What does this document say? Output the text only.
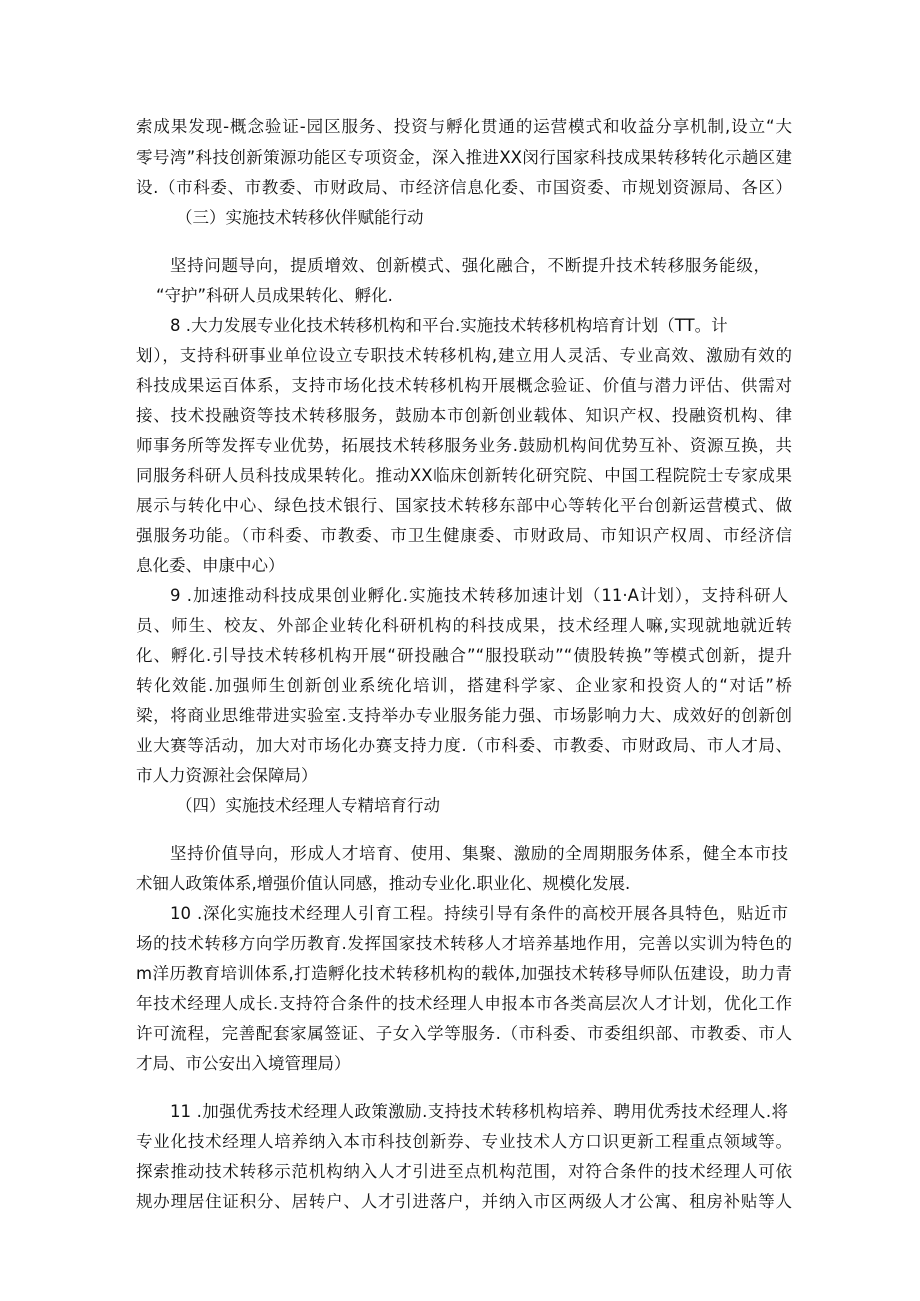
索成果发现-概念验证-园区服务、投资与孵化贯通的运营模式和收益分享机制,设立“大
零号湾”科技创新策源功能区专项资金，深入推进XX闵行国家科技成果转移转化示趟区建
设.（市科委、市教委、市财政局、市经济信息化委、市国资委、市规划资源局、各区）
（三）实施技术转移伙伴赋能行动
坚持问题导向，提质增效、创新模式、强化融合，不断提升技术转移服务能级，
“守护”科研人员成果转化、孵化.
8 .大力发展专业化技术转移机构和平台.实施技术转移机构培育计划（TT。计
划），支持科研事业单位设立专职技术转移机构,建立用人灵活、专业高效、激励有效的
科技成果运百体系，支持市场化技术转移机构开展概念验证、价值与潜力评估、供需对
接、技术投融资等技术转移服务，鼓励本市创新创业载体、知识产权、投融资机构、律
师事务所等发挥专业优势，拓展技术转移服务业务.鼓励机构间优势互补、资源互换，共
同服务科研人员科技成果转化。推动XX临床创新转化研究院、中国工程院院士专家成果
展示与转化中心、绿色技术银行、国家技术转移东部中心等转化平台创新运营模式、做
强服务功能。（市科委、市教委、市卫生健康委、市财政局、市知识产权周、市经济信
息化委、申康中心）
9 .加速推动科技成果创业孵化.实施技术转移加速计划（11·A计划），支持科研人
员、师生、校友、外部企业转化科研机构的科技成果，技术经理人嘛,实现就地就近转
化、孵化.引导技术转移机构开展“研投融合”“服投联动”“债股转换”等模式创新，提升
转化效能.加强师生创新创业系统化培训，搭建科学家、企业家和投资人的“对话”桥
梁，将商业思维带进实验室.支持举办专业服务能力强、市场影响力大、成效好的创新创
业大赛等活动，加大对市场化办赛支持力度.（市科委、市教委、市财政局、市人才局、
市人力资源社会保障局）
（四）实施技术经理人专精培育行动
坚持价值导向，形成人才培育、使用、集聚、激励的全周期服务体系，健全本市技
术钿人政策体系,增强价值认同感，推动专业化.职业化、规模化发展.
10 .深化实施技术经理人引育工程。持续引导有条件的高校开展各具特色，贴近市
场的技术转移方向学历教育.发挥国家技术转移人才培养基地作用，完善以实训为特色的
m洋历教育培训体系,打造孵化技术转移机构的载体,加强技术转移导师队伍建设，助力青
年技术经理人成长.支持符合条件的技术经理人申报本市各类高层次人才计划，优化工作
许可流程，完善配套家属签证、子女入学等服务.（市科委、市委组织部、市教委、市人
才局、市公安出入境管理局）
11 .加强优秀技术经理人政策激励.支持技术转移机构培养、聘用优秀技术经理人.将
专业化技术经理人培养纳入本市科技创新券、专业技术人方口识更新工程重点领域等。
探索推动技术转移示范机构纳入人才引进至点机构范围，对符合条件的技术经理人可依
规办理居住证积分、居转户、人才引进落户，并纳入市区两级人才公寓、租房补贴等人
